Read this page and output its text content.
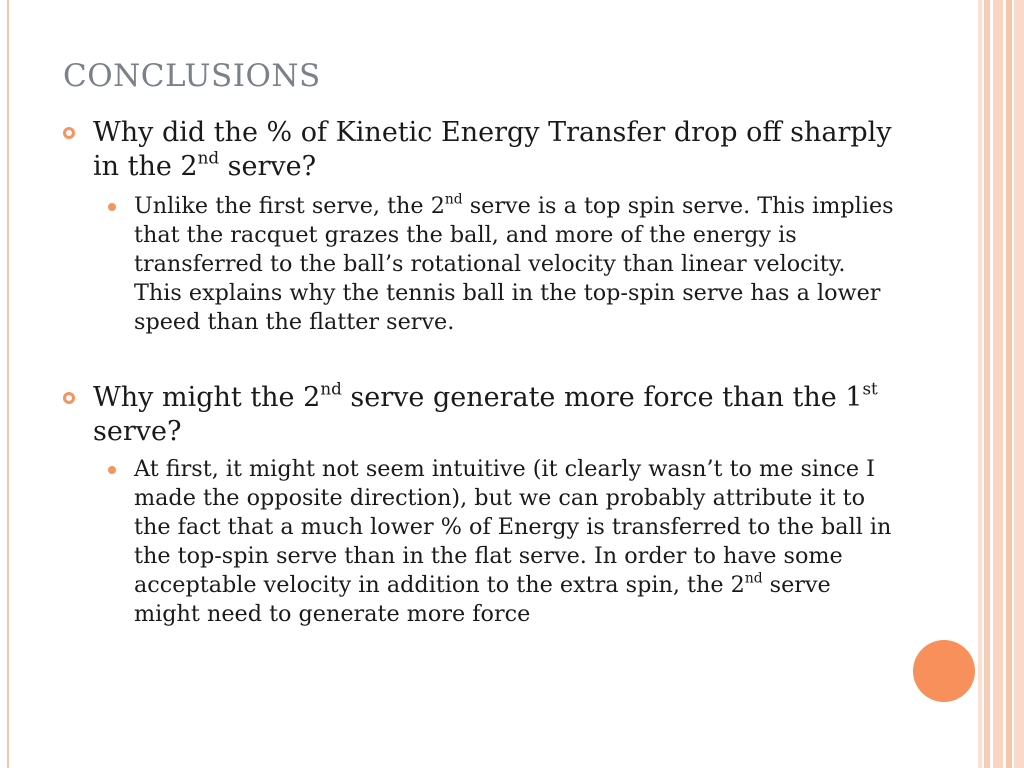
CONCLUSIONS
Why did the % of Kinetic Energy Transfer drop off sharply in the 2nd serve?
Unlike the first serve, the 2nd serve is a top spin serve. This implies that the racquet grazes the ball, and more of the energy is transferred to the ball’s rotational velocity than linear velocity. This explains why the tennis ball in the top-spin serve has a lower speed than the flatter serve.
Why might the 2nd serve generate more force than the 1st serve?
At first, it might not seem intuitive (it clearly wasn’t to me since I made the opposite direction), but we can probably attribute it to the fact that a much lower % of Energy is transferred to the ball in the top-spin serve than in the flat serve. In order to have some acceptable velocity in addition to the extra spin, the 2nd serve might need to generate more force
